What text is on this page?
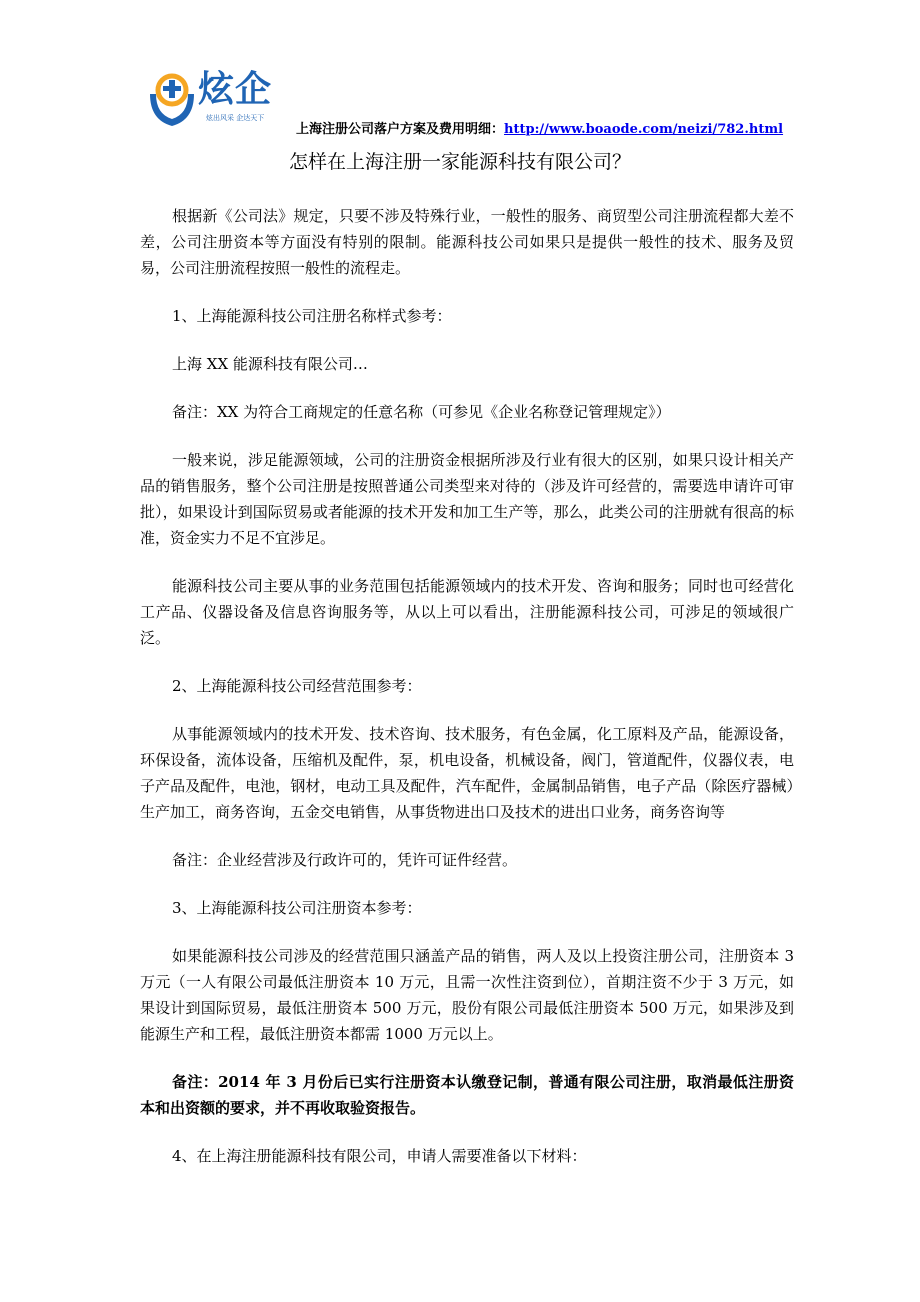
炫企
炫出风采 企达天下
上海注册公司落户方案及费用明细：http://www.boaode.com/neizi/782.html
怎样在上海注册一家能源科技有限公司？

根据新《公司法》规定，只要不涉及特殊行业，一般性的服务、商贸型公司注册流程都大差不差，公司注册资本等方面没有特别的限制。能源科技公司如果只是提供一般性的技术、服务及贸易，公司注册流程按照一般性的流程走。

1、上海能源科技公司注册名称样式参考：

上海 XX 能源科技有限公司…

备注：XX 为符合工商规定的任意名称（可参见《企业名称登记管理规定》）

一般来说，涉足能源领域，公司的注册资金根据所涉及行业有很大的区别，如果只设计相关产品的销售服务，整个公司注册是按照普通公司类型来对待的（涉及许可经营的，需要选申请许可审批），如果设计到国际贸易或者能源的技术开发和加工生产等，那么，此类公司的注册就有很高的标准，资金实力不足不宜涉足。

能源科技公司主要从事的业务范围包括能源领域内的技术开发、咨询和服务；同时也可经营化工产品、仪器设备及信息咨询服务等，从以上可以看出，注册能源科技公司，可涉足的领域很广泛。

2、上海能源科技公司经营范围参考：

从事能源领域内的技术开发、技术咨询、技术服务，有色金属，化工原料及产品，能源设备，环保设备，流体设备，压缩机及配件，泵，机电设备，机械设备，阀门，管道配件，仪器仪表，电子产品及配件，电池，钢材，电动工具及配件，汽车配件，金属制品销售，电子产品（除医疗器械）生产加工，商务咨询，五金交电销售，从事货物进出口及技术的进出口业务，商务咨询等

备注：企业经营涉及行政许可的，凭许可证件经营。

3、上海能源科技公司注册资本参考：

如果能源科技公司涉及的经营范围只涵盖产品的销售，两人及以上投资注册公司，注册资本 3 万元（一人有限公司最低注册资本 10 万元，且需一次性注资到位），首期注资不少于 3 万元，如果设计到国际贸易，最低注册资本 500 万元，股份有限公司最低注册资本 500 万元，如果涉及到能源生产和工程，最低注册资本都需 1000 万元以上。

备注：2014 年 3 月份后已实行注册资本认缴登记制，普通有限公司注册，取消最低注册资本和出资额的要求，并不再收取验资报告。

4、在上海注册能源科技有限公司，申请人需要准备以下材料：
